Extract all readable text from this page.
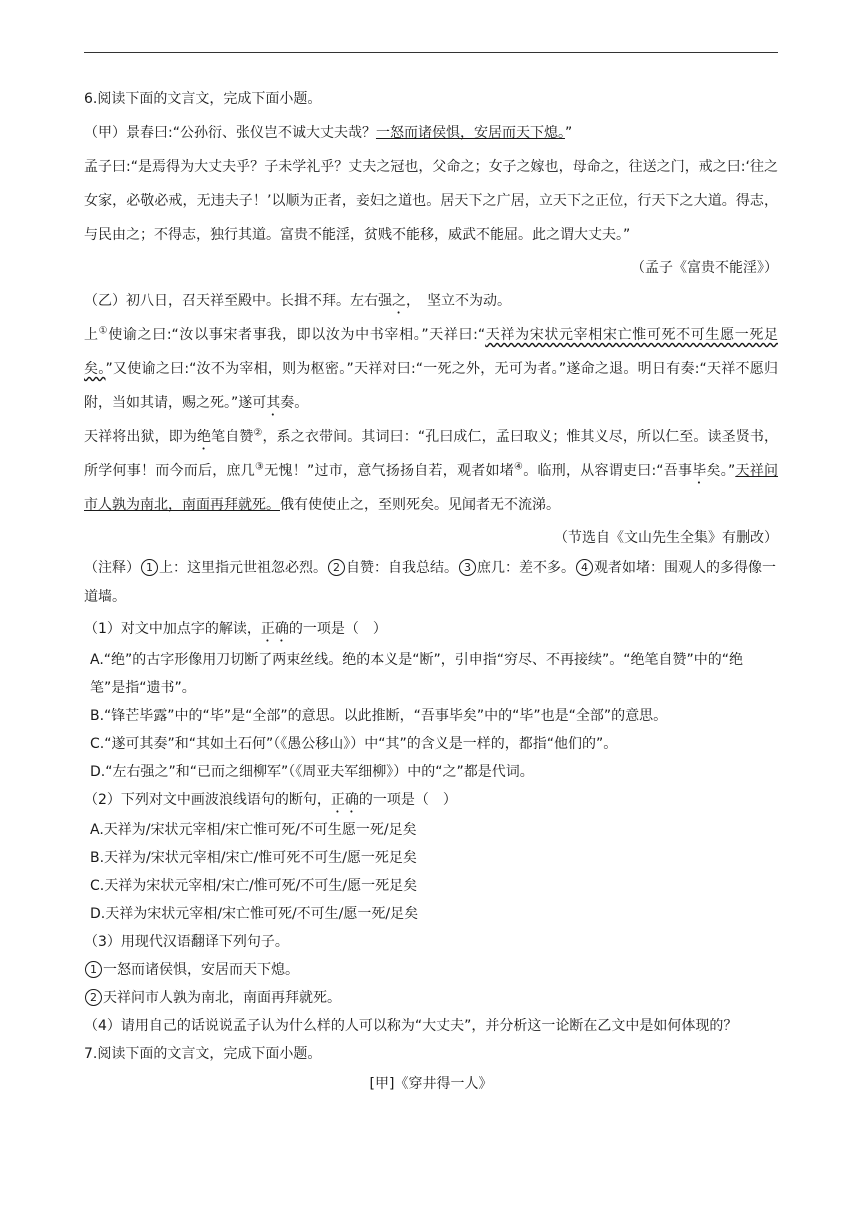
6.阅读下面的文言文，完成下面小题。

（甲）景春曰:“公孙衍、张仪岂不诚大丈夫哉？一怒而诸侯惧，安居而天下熄。”

孟子曰:“是焉得为大丈夫乎？子未学礼乎？丈夫之冠也，父命之；女子之嫁也，母命之，往送之门，戒之曰:‘往之女家，必敬必戒，无违夫子！’以顺为正者，妾妇之道也。居天下之广居，立天下之正位，行天下之大道。得志，与民由之；不得志，独行其道。富贵不能淫，贫贱不能移，威武不能屈。此之谓大丈夫。”

（孟子《富贵不能淫》）

（乙）初八日，召天祥至殿中。长揖不拜。左右强之，　坚立不为动。

上①使谕之曰:“汝以事宋者事我，即以汝为中书宰相。”天祥曰:“天祥为宋状元宰相宋亡惟可死不可生愿一死足矣。”又使谕之曰:“汝不为宰相，则为枢密。”天祥对曰:“一死之外，无可为者。”遂命之退。明日有奏:“天祥不愿归附，当如其请，赐之死。”遂可其奏。

天祥将出狱，即为绝笔自赞②，系之衣带间。其词曰：“孔曰成仁，孟曰取义；惟其义尽，所以仁至。读圣贤书，所学何事！而今而后，庶几③无愧！”过市，意气扬扬自若，观者如堵④。临刑，从容谓吏曰:“吾事毕矣。”天祥问市人孰为南北，南面再拜就死。俄有使使止之，至则死矣。见闻者无不流涕。

（节选自《文山先生全集》有删改）

（注释） 1 上：这里指元世祖忽必烈。 2 自赞：自我总结。 3 庶几：差不多。 4 观者如堵：围观人的多得像一道墙。

（1）对文中加点字的解读，正确的一项是（　）

A.“绝”的古字形像用刀切断了两束丝线。绝的本义是“断”，引申指“穷尽、不再接续”。“绝笔自赞”中的“绝笔”是指“遗书”。

B.“锋芒毕露”中的“毕”是“全部”的意思。以此推断，“吾事毕矣”中的“毕”也是“全部”的意思。

C.“遂可其奏”和“其如土石何”（《愚公移山》）中“其”的含义是一样的，都指“他们的”。

D.“左右强之”和“已而之细柳军”（《周亚夫军细柳》）中的“之”都是代词。

（2）下列对文中画波浪线语句的断句，正确的一项是（　）

A.天祥为/宋状元宰相/宋亡惟可死/不可生愿一死/足矣

B.天祥为/宋状元宰相/宋亡/惟可死不可生/愿一死足矣

C.天祥为宋状元宰相/宋亡/惟可死/不可生/愿一死足矣

D.天祥为宋状元宰相/宋亡惟可死/不可生/愿一死/足矣

（3）用现代汉语翻译下列句子。

1 一怒而诸侯惧，安居而天下熄。

2 天祥问市人孰为南北，南面再拜就死。

（4）请用自己的话说说孟子认为什么样的人可以称为“大丈夫”，并分析这一论断在乙文中是如何体现的？

7.阅读下面的文言文，完成下面小题。

[甲]《穿井得一人》
